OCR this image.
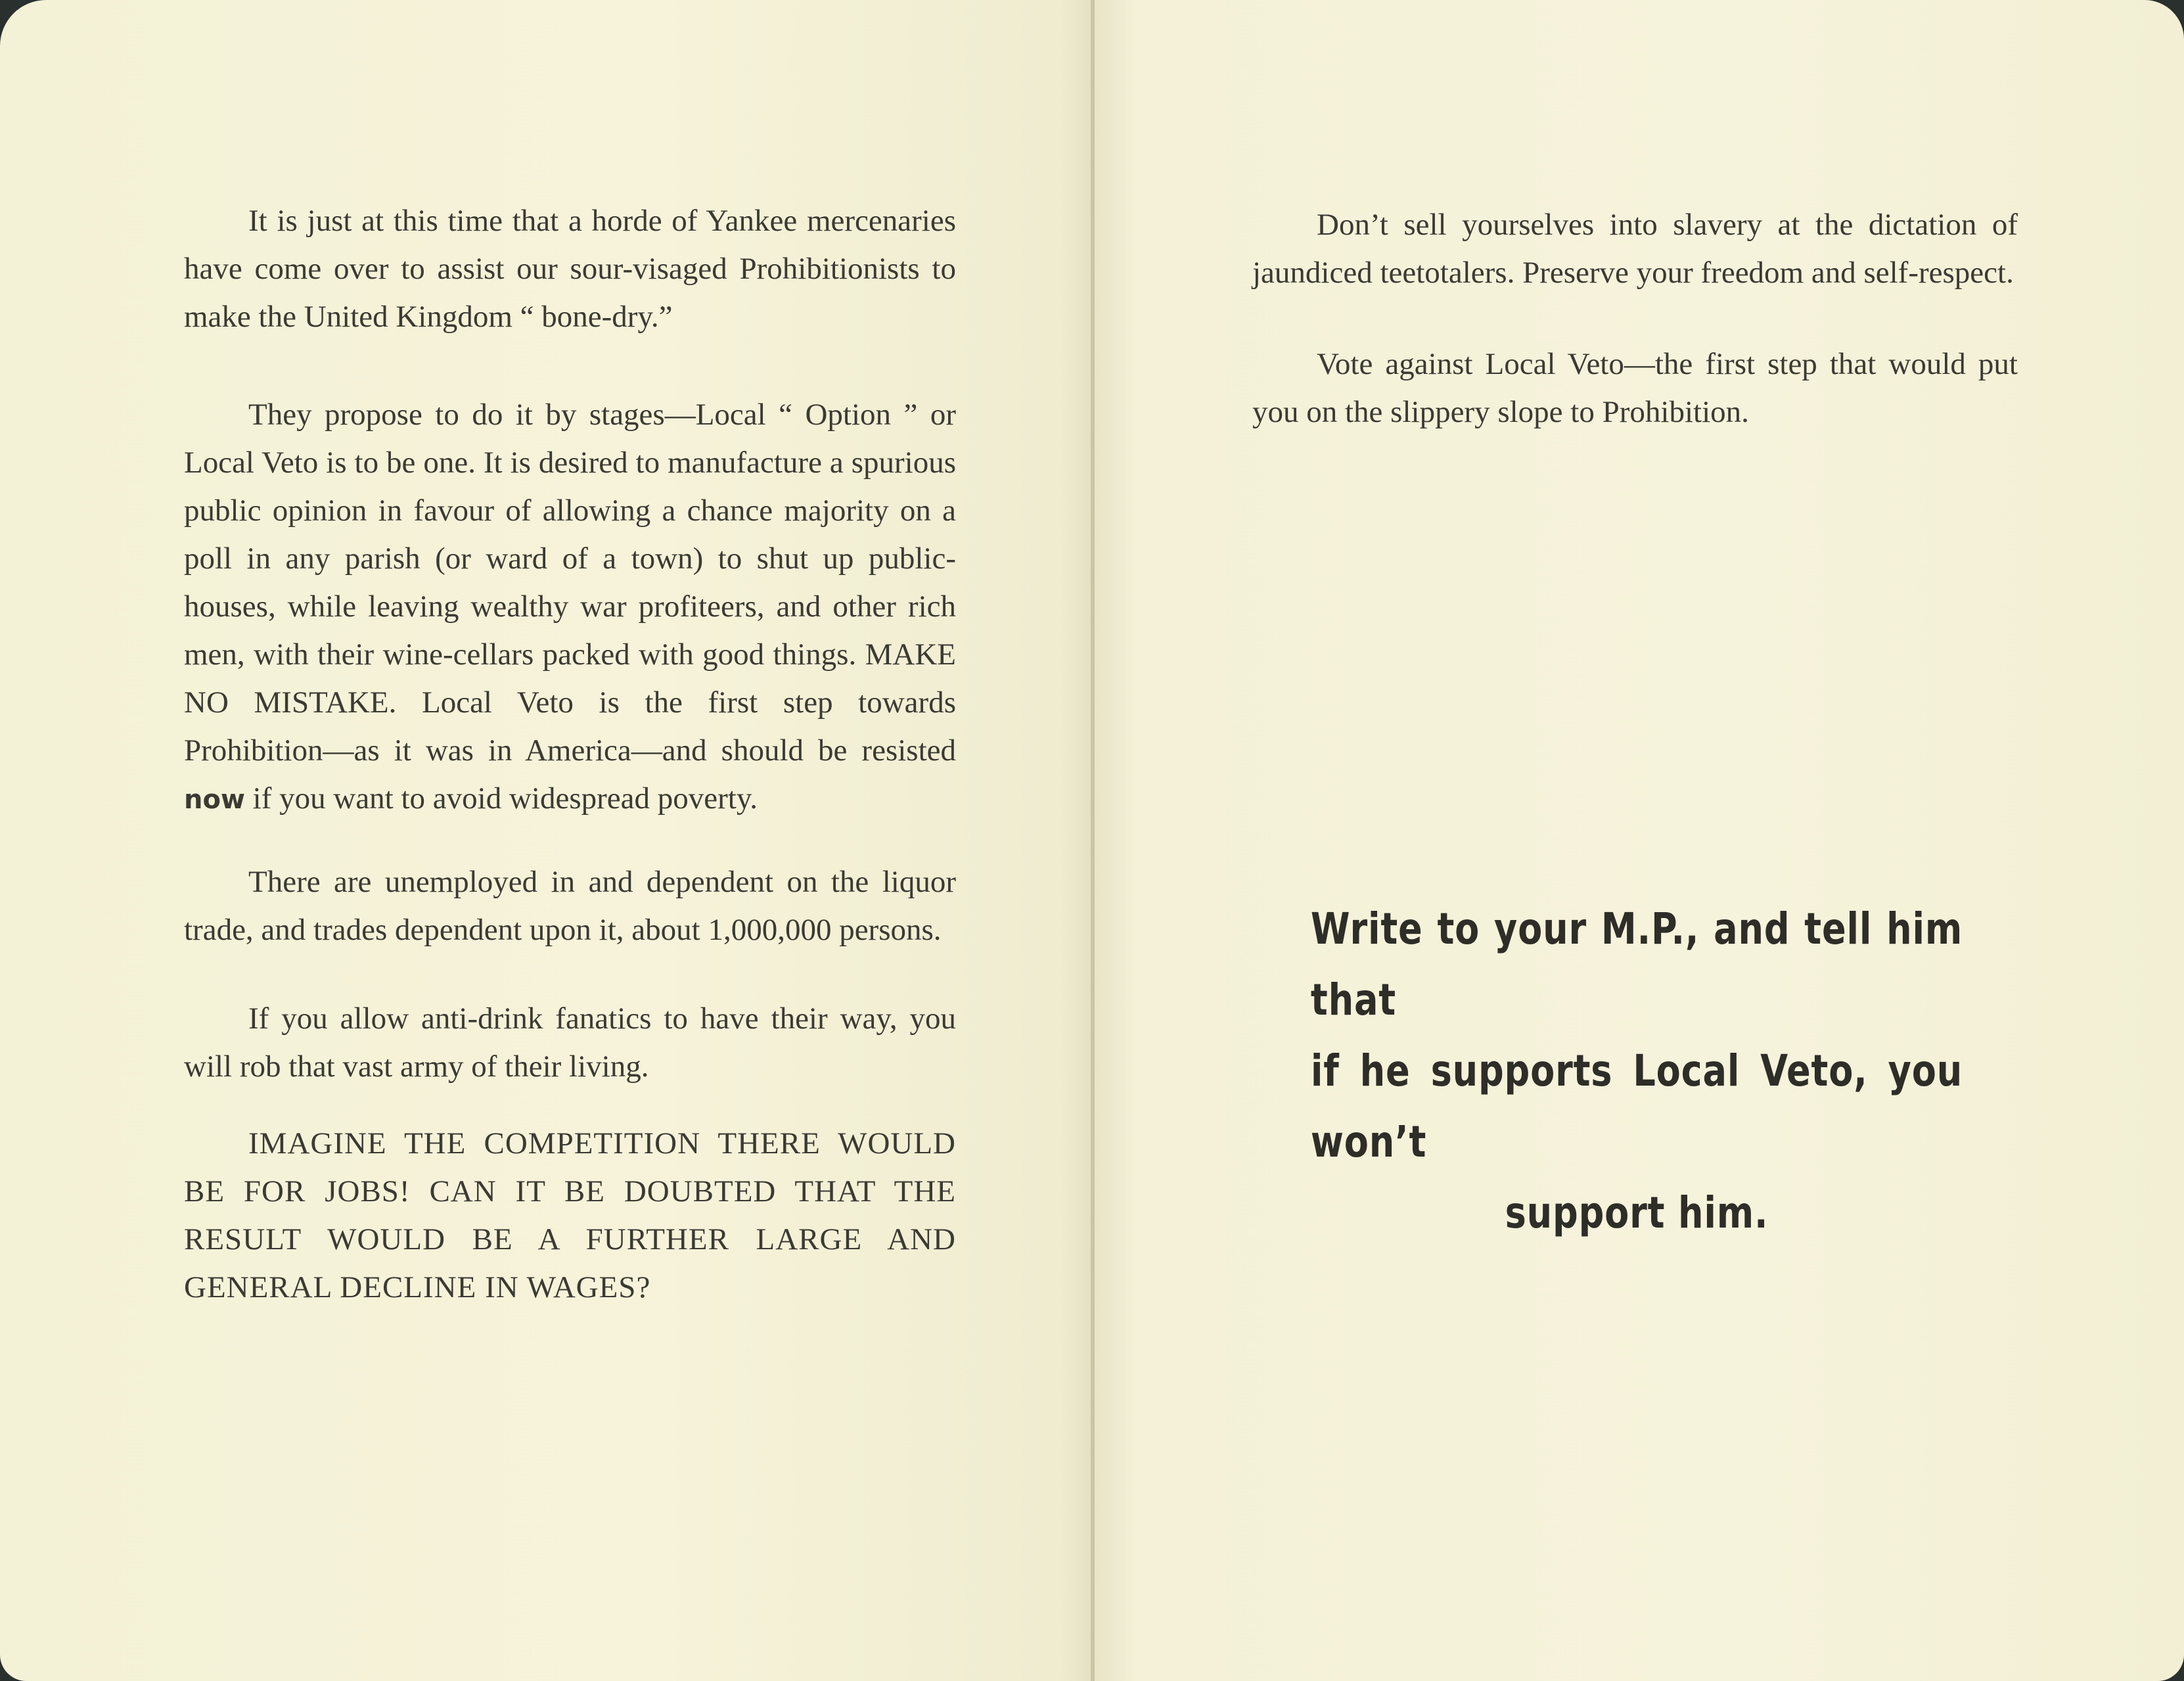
It is just at this time that a horde of Yankee mercenaries have come over to assist our sour-visaged Prohibitionists to make the United Kingdom “ bone-dry.”

They propose to do it by stages—Local “ Option ” or Local Veto is to be one. It is desired to manufacture a spurious public opinion in favour of allowing a chance majority on a poll in any parish (or ward of a town) to shut up public-houses, while leaving wealthy war profiteers, and other rich men, with their wine-cellars packed with good things. MAKE NO MISTAKE. Local Veto is the first step towards Prohibition—as it was in America—and should be resisted now if you want to avoid widespread poverty.

There are unemployed in and dependent on the liquor trade, and trades dependent upon it, about 1,000,000 persons.

If you allow anti-drink fanatics to have their way, you will rob that vast army of their living.

IMAGINE THE COMPETITION THERE WOULD BE FOR JOBS! CAN IT BE DOUBTED THAT THE RESULT WOULD BE A FURTHER LARGE AND GENERAL DECLINE IN WAGES?

Don’t sell yourselves into slavery at the dictation of jaundiced teetotalers. Preserve your freedom and self-respect.

Vote against Local Veto—the first step that would put you on the slippery slope to Prohibition.

Write to your M.P., and tell him that
if he supports Local Veto, you won’t
support him.
